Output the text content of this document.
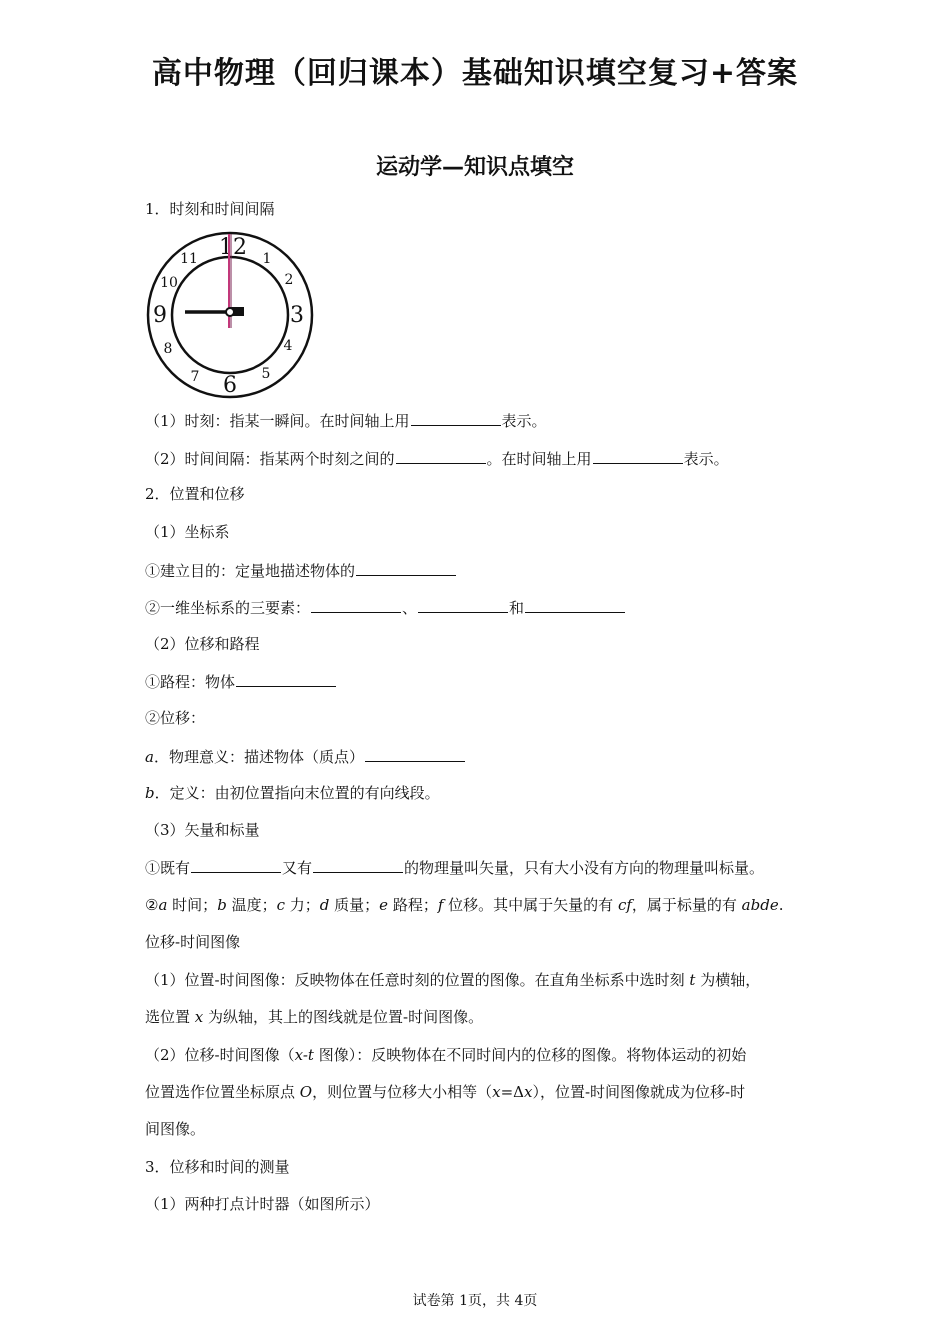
高中物理（回归课本）基础知识填空复习+答案
运动学—知识点填空
1．时刻和时间间隔
12 1
2
3
4
5
6
7
8
9
10
11
（1）时刻：指某一瞬间。在时间轴上用	表示。
（2）时间间隔：指某两个时刻之间的	。在时间轴上用	表示。
2．位置和位移
（1）坐标系
①建立目的：定量地描述物体的
②一维坐标系的三要素：	、	和
（2）位移和路程
①路程：物体
②位移：
a．物理意义：描述物体（质点）
b．定义：由初位置指向末位置的有向线段。
（3）矢量和标量
①既有	又有	的物理量叫矢量，只有大小没有方向的物理量叫标量。
②a 时间；b 温度；c 力；d 质量；e 路程；f 位移。其中属于矢量的有 cf，属于标量的有 abde.
位移-时间图像
（1）位置-时间图像：反映物体在任意时刻的位置的图像。在直角坐标系中选时刻 t 为横轴，
选位置 x 为纵轴，其上的图线就是位置-时间图像。
（2）位移-时间图像（x-t 图像）：反映物体在不同时间内的位移的图像。将物体运动的初始
位置选作位置坐标原点 O，则位置与位移大小相等（x=Δx），位置-时间图像就成为位移-时
间图像。
3．位移和时间的测量
（1）两种打点计时器（如图所示）
试卷第 1页，共 4页
